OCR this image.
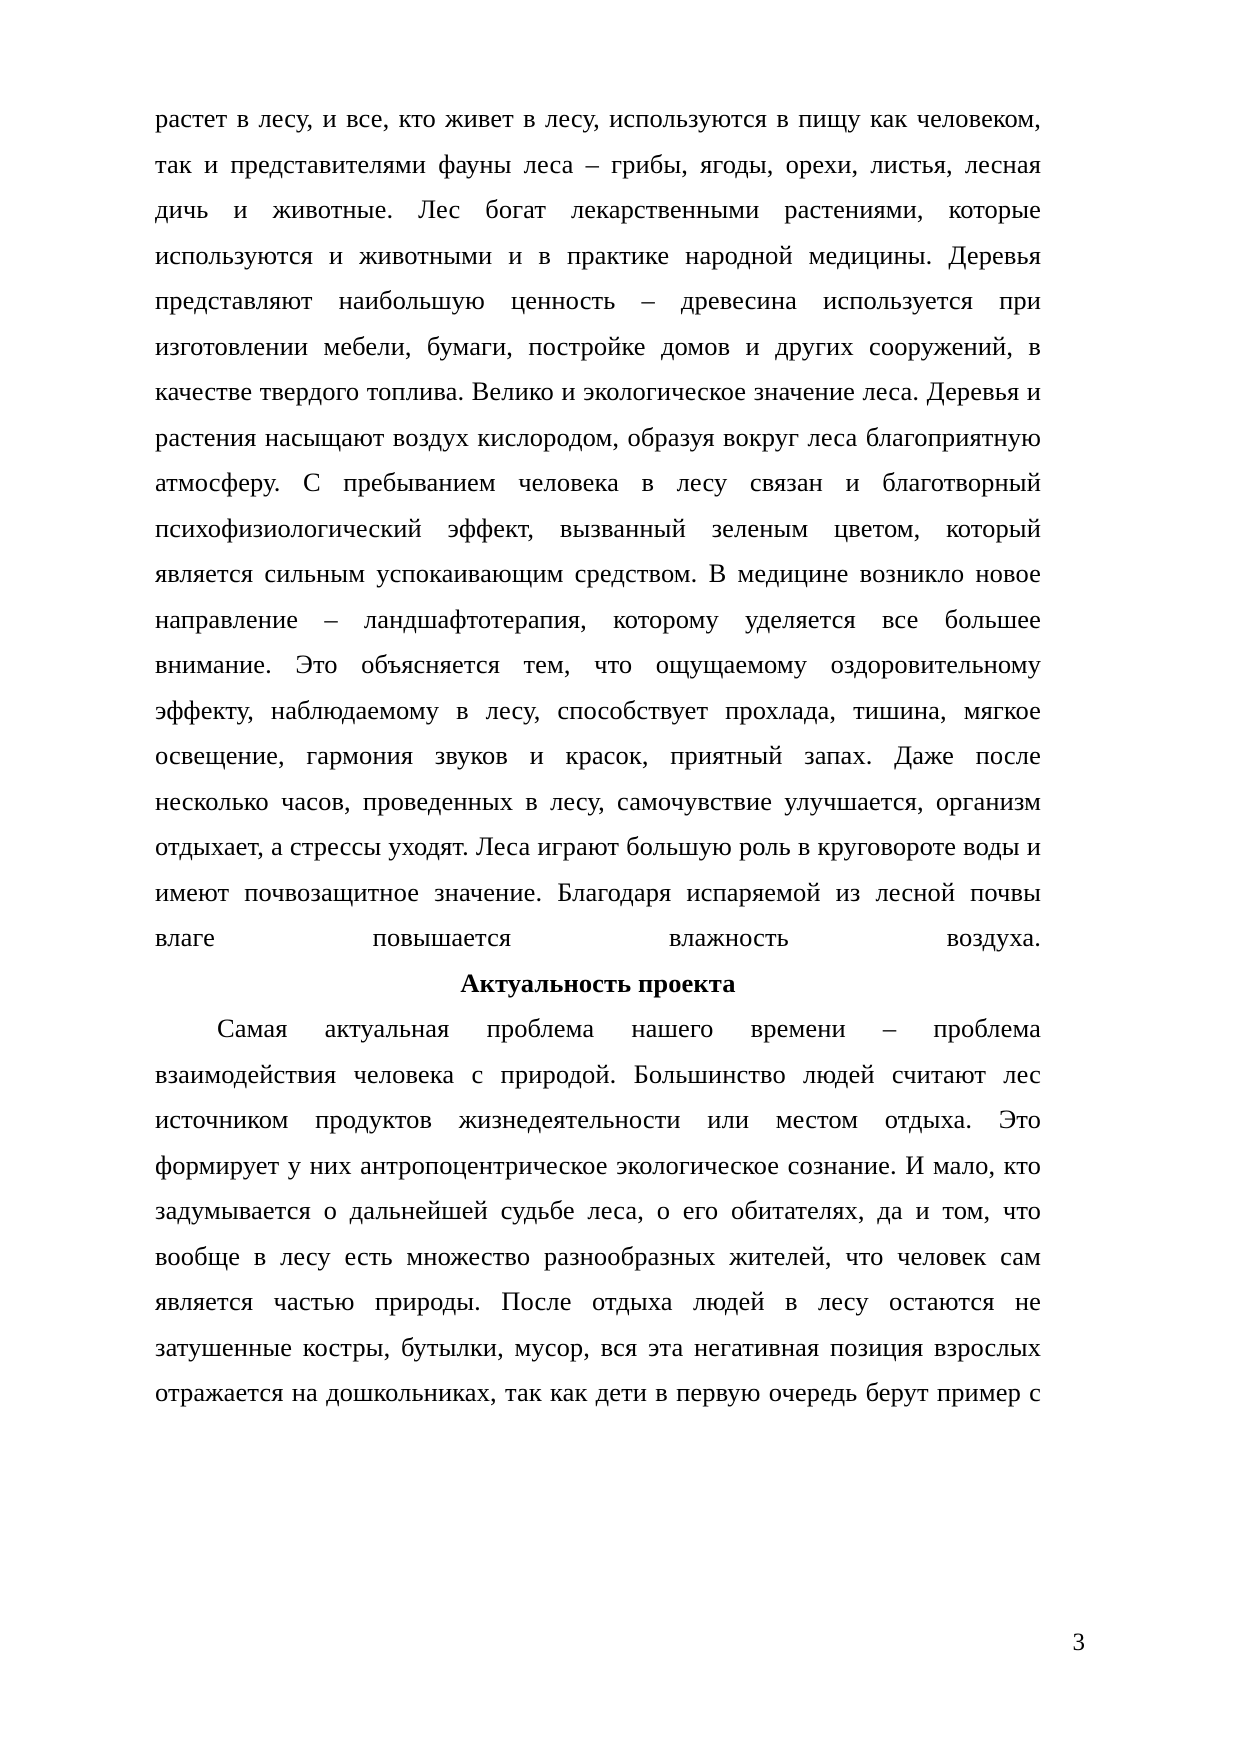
растет в лесу, и все, кто живет в лесу, используются в пищу как человеком, так и представителями фауны леса – грибы, ягоды, орехи, листья, лесная дичь и животные. Лес богат лекарственными растениями, которые используются и животными и в практике народной медицины. Деревья представляют наибольшую ценность – древесина используется при изготовлении мебели, бумаги, постройке домов и других сооружений, в качестве твердого топлива. Велико и экологическое значение леса. Деревья и растения насыщают воздух кислородом, образуя вокруг леса благоприятную атмосферу. С пребыванием человека в лесу связан и благотворный психофизиологический эффект, вызванный зеленым цветом, который является сильным успокаивающим средством. В медицине возникло новое направление – ландшафтотерапия, которому уделяется все большее внимание. Это объясняется тем, что ощущаемому оздоровительному эффекту, наблюдаемому в лесу, способствует прохлада, тишина, мягкое освещение, гармония звуков и красок, приятный запах. Даже после несколько часов, проведенных в лесу, самочувствие улучшается, организм отдыхает, а стрессы уходят. Леса играют большую роль в круговороте воды и имеют почвозащитное значение. Благодаря испаряемой из лесной почвы влаге повышается влажность воздуха.

Актуальность проекта

Самая актуальная проблема нашего времени – проблема взаимодействия человека с природой. Большинство людей считают лес источником продуктов жизнедеятельности или местом отдыха. Это формирует у них антропоцентрическое экологическое сознание. И мало, кто задумывается о дальнейшей судьбе леса, о его обитателях, да и том, что вообще в лесу есть множество разнообразных жителей, что человек сам является частью природы. После отдыха людей в лесу остаются не затушенные костры, бутылки, мусор, вся эта негативная позиция взрослых отражается на дошкольниках, так как дети в первую очередь берут пример с

3
